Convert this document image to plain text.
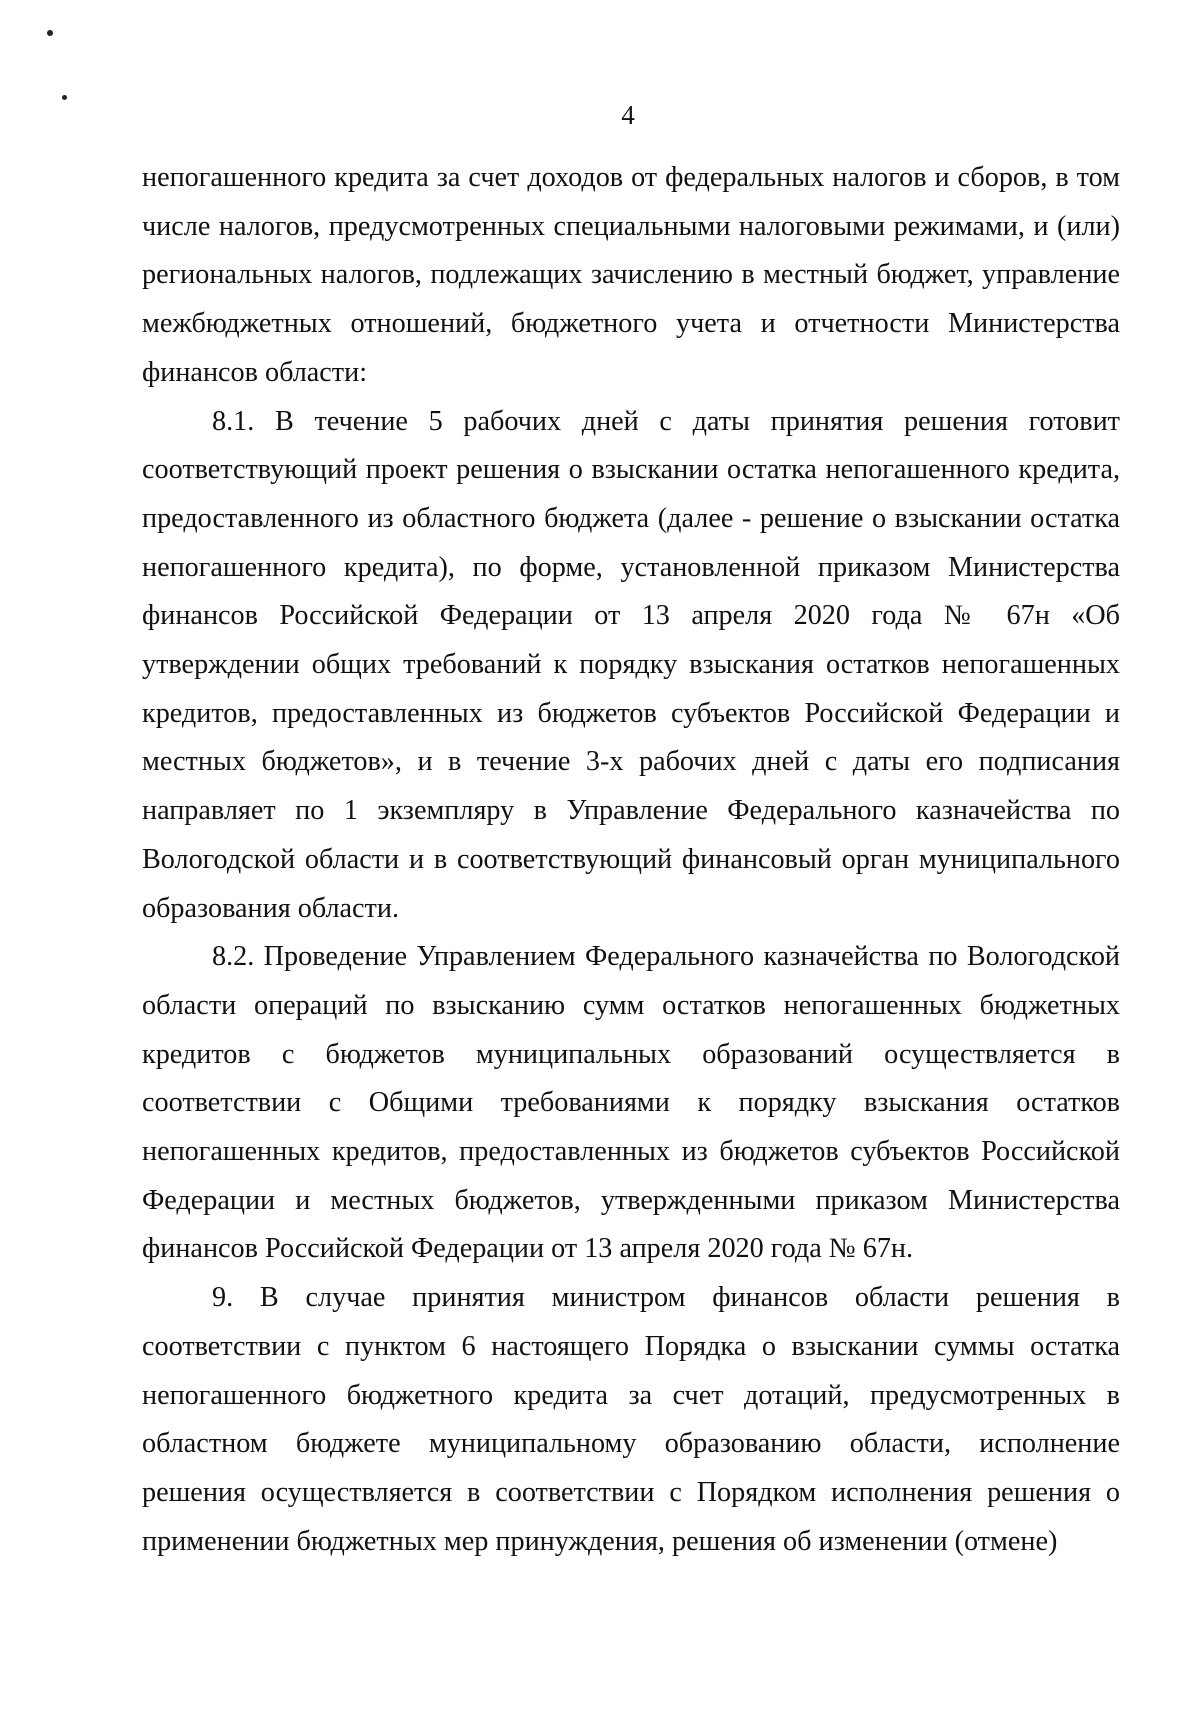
4

непогашенного кредита за счет доходов от федеральных налогов и сборов, в том числе налогов, предусмотренных специальными налоговыми режимами, и (или) региональных налогов, подлежащих зачислению в местный бюджет, управление межбюджетных отношений, бюджетного учета и отчетности Министерства финансов области:

8.1. В течение 5 рабочих дней с даты принятия решения готовит соответствующий проект решения о взыскании остатка непогашенного кредита, предоставленного из областного бюджета (далее - решение о взыскании остатка непогашенного кредита), по форме, установленной приказом Министерства финансов Российской Федерации от 13 апреля 2020 года № 67н «Об утверждении общих требований к порядку взыскания остатков непогашенных кредитов, предоставленных из бюджетов субъектов Российской Федерации и местных бюджетов», и в течение 3-х рабочих дней с даты его подписания направляет по 1 экземпляру в Управление Федерального казначейства по Вологодской области и в соответствующий финансовый орган муниципального образования области.

8.2. Проведение Управлением Федерального казначейства по Вологодской области операций по взысканию сумм остатков непогашенных бюджетных кредитов с бюджетов муниципальных образований осуществляется в соответствии с Общими требованиями к порядку взыскания остатков непогашенных кредитов, предоставленных из бюджетов субъектов Российской Федерации и местных бюджетов, утвержденными приказом Министерства финансов Российской Федерации от 13 апреля 2020 года № 67н.

9. В случае принятия министром финансов области решения в соответствии с пунктом 6 настоящего Порядка о взыскании суммы остатка непогашенного бюджетного кредита за счет дотаций, предусмотренных в областном бюджете муниципальному образованию области, исполнение решения осуществляется в соответствии с Порядком исполнения решения о применении бюджетных мер принуждения, решения об изменении (отмене)
